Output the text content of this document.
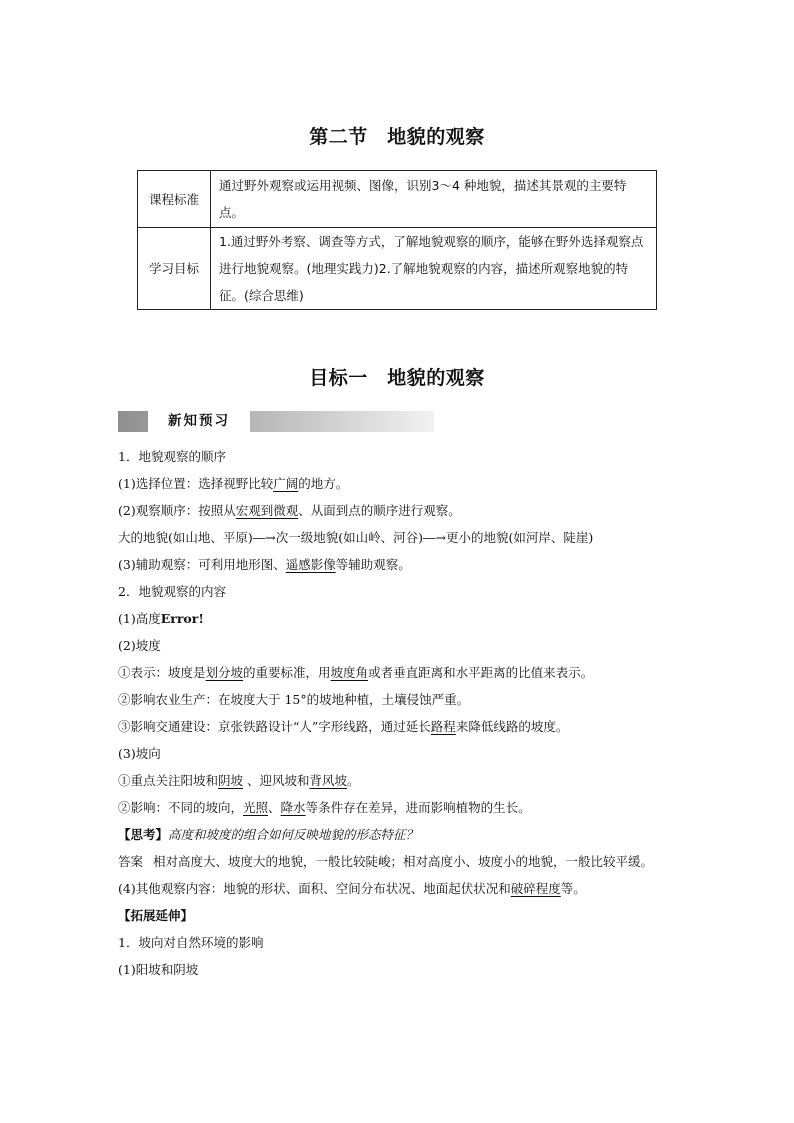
第二节　地貌的观察
课程标准	通过野外观察或运用视频、图像，识别3～4 种地貌，描述其景观的主要特点。
学习目标	1.通过野外考察、调查等方式，了解地貌观察的顺序，能够在野外选择观察点进行地貌观察。(地理实践力)2.了解地貌观察的内容，描述所观察地貌的特征。(综合思维)
目标一　地貌的观察
新知预习
1．地貌观察的顺序
(1)选择位置：选择视野比较广阔的地方。
(2)观察顺序：按照从宏观到微观、从面到点的顺序进行观察。
大的地貌(如山地、平原)―→次一级地貌(如山岭、河谷)―→更小的地貌(如河岸、陡崖)
(3)辅助观察：可利用地形图、遥感影像等辅助观察。
2．地貌观察的内容
(1)高度Error!
(2)坡度
①表示：坡度是划分坡的重要标准，用坡度角或者垂直距离和水平距离的比值来表示。
②影响农业生产：在坡度大于 15°的坡地种植，土壤侵蚀严重。
③影响交通建设：京张铁路设计“人”字形线路，通过延长路程来降低线路的坡度。
(3)坡向
①重点关注阳坡和阴坡 、迎风坡和背风坡。
②影响：不同的坡向，光照、降水等条件存在差异，进而影响植物的生长。
【思考】高度和坡度的组合如何反映地貌的形态特征？
答案 相对高度大、坡度大的地貌，一般比较陡峻；相对高度小、坡度小的地貌，一般比较平缓。
(4)其他观察内容：地貌的形状、面积、空间分布状况、地面起伏状况和破碎程度等。
【拓展延伸】
1．坡向对自然环境的影响
(1)阳坡和阴坡
